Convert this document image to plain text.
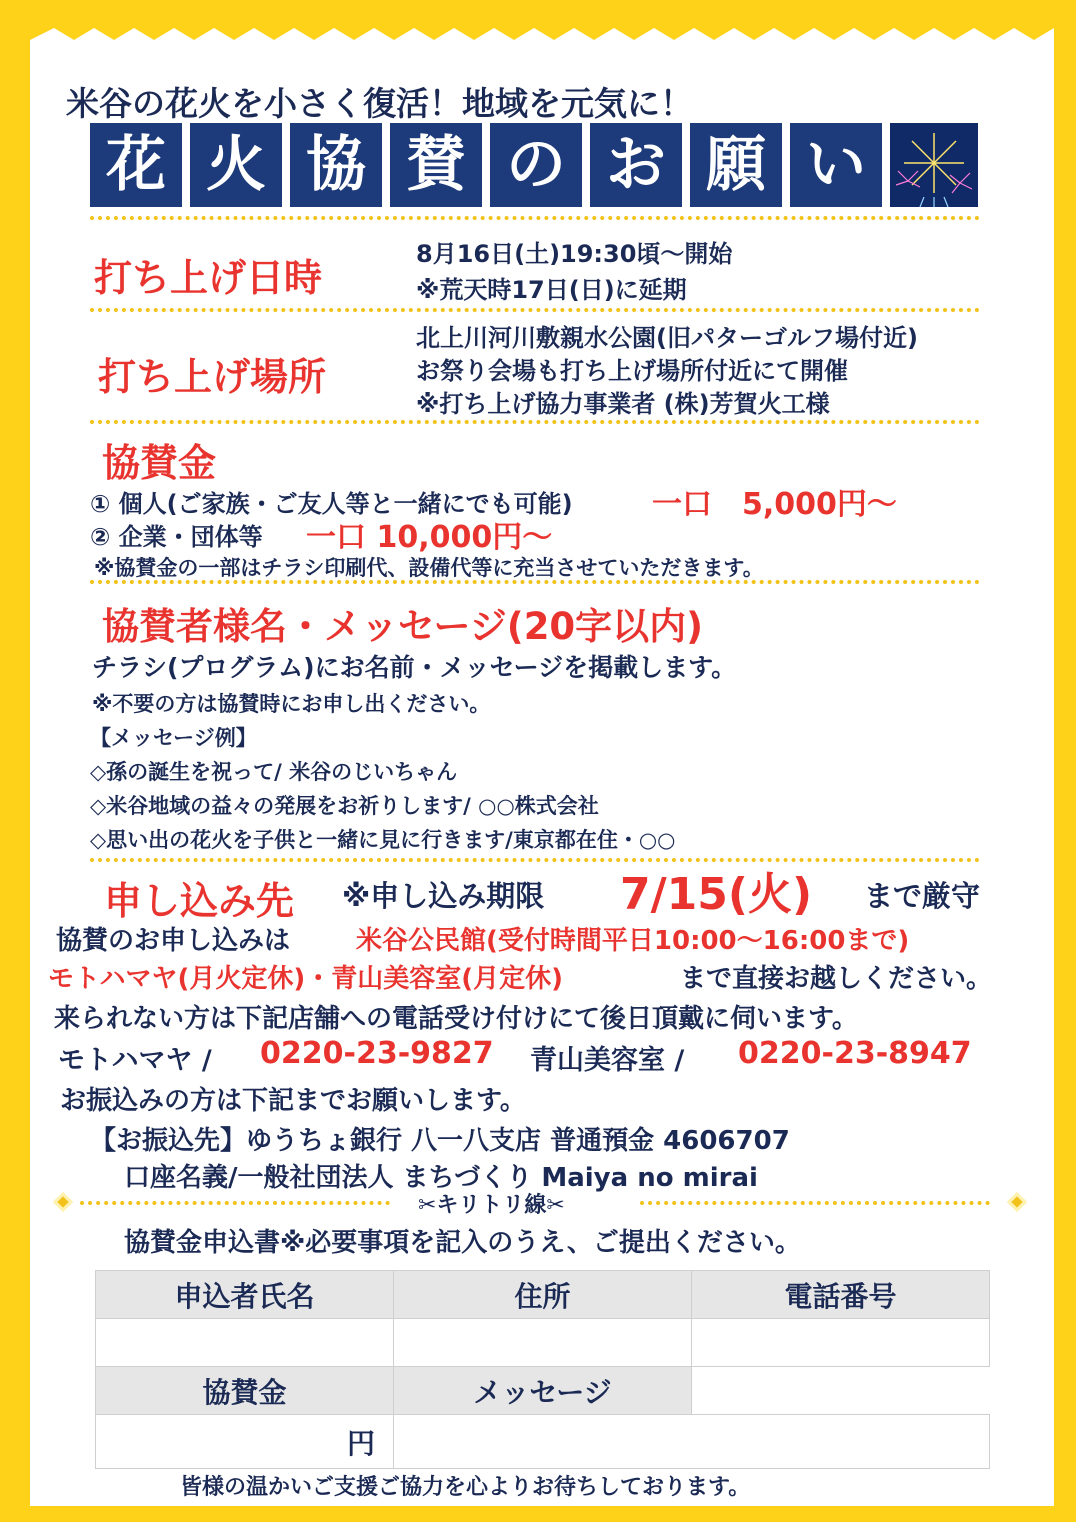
米谷の花火を小さく復活！地域を元気に！
花 火 協 賛 の お 願 い
打ち上げ日時
8月16日(土)19:30頃〜開始
※荒天時17日(日)に延期
打ち上げ場所
北上川河川敷親水公園(旧パターゴルフ場付近)
お祭り会場も打ち上げ場所付近にて開催
※打ち上げ協力事業者 (株)芳賀火工様
協賛金
① 個人(ご家族・ご友人等と一緒にでも可能)	一口　5,000円〜
② 企業・団体等 一口 10,000円〜
※協賛金の一部はチラシ印刷代、設備代等に充当させていただきます。
協賛者様名・メッセージ(20字以内)
チラシ(プログラム)にお名前・メッセージを掲載します。
※不要の方は協賛時にお申し出ください。
【メッセージ例】
◇孫の誕生を祝って/ 米谷のじいちゃん
◇米谷地域の益々の発展をお祈りします/ ○○株式会社
◇思い出の花火を子供と一緒に見に行きます/東京都在住・○○
申し込み先 ※申し込み期限 7/15(火) まで厳守
協賛のお申し込みは	米谷公民館(受付時間平日10:00〜16:00まで)
モトハマヤ(月火定休)・青山美容室(月定休)	まで直接お越しください。
来られない方は下記店舗への電話受け付けにて後日頂戴に伺います。
モトハマヤ / 0220-23-9827 青山美容室 / 0220-23-8947
お振込みの方は下記までお願いします。
【お振込先】ゆうちょ銀行 八一八支店 普通預金 4606707
口座名義/一般社団法人 まちづくり Maiya no mirai
✂キリトリ線✂
協賛金申込書※必要事項を記入のうえ、ご提出ください。
申込者氏名	住所	電話番号

協賛金	メッセージ	
円		
皆様の温かいご支援ご協力を心よりお待ちしております。
